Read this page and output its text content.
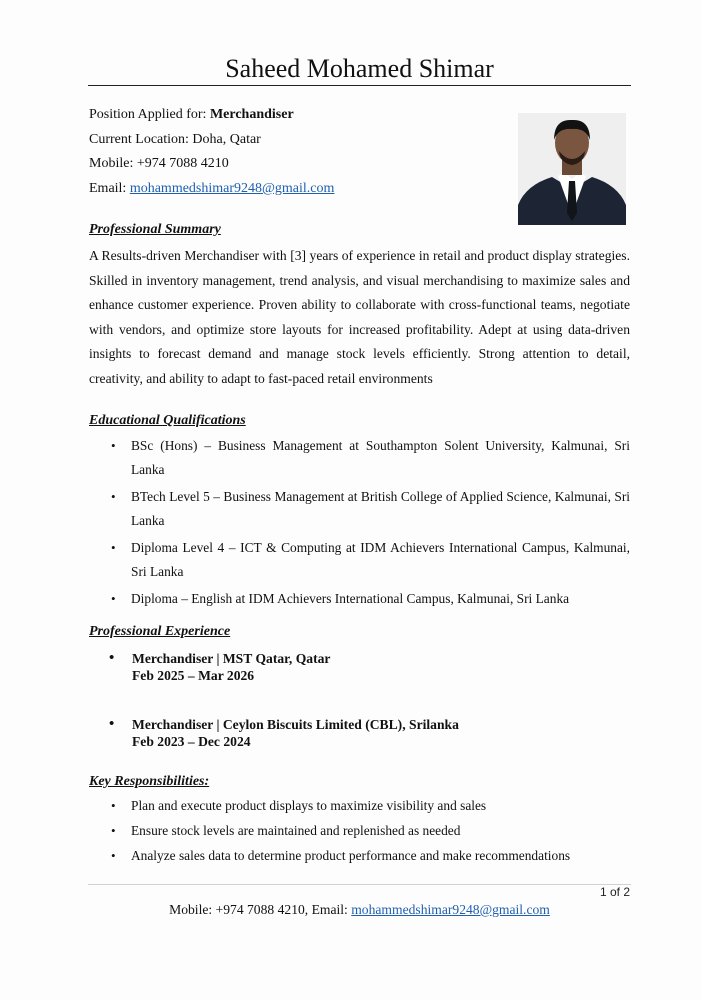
Saheed Mohamed Shimar
Position Applied for: Merchandiser
Current Location: Doha, Qatar
Mobile: +974 7088 4210
Email: mohammedshimar9248@gmail.com
Professional Summary

A Results-driven Merchandiser with [3] years of experience in retail and product display strategies. Skilled in inventory management, trend analysis, and visual merchandising to maximize sales and enhance customer experience. Proven ability to collaborate with cross-functional teams, negotiate with vendors, and optimize store layouts for increased profitability. Adept at using data-driven insights to forecast demand and manage stock levels efficiently. Strong attention to detail, creativity, and ability to adapt to fast-paced retail environments

Educational Qualifications
• BSc (Hons) – Business Management at Southampton Solent University, Kalmunai, Sri Lanka
• BTech Level 5 – Business Management at British College of Applied Science, Kalmunai, Sri Lanka
• Diploma Level 4 – ICT & Computing at IDM Achievers International Campus, Kalmunai, Sri Lanka
• Diploma – English at IDM Achievers International Campus, Kalmunai, Sri Lanka
Professional Experience
•	Merchandiser | MST Qatar, Qatar
Feb 2025 – Mar 2026
•	Merchandiser | Ceylon Biscuits Limited (CBL), Srilanka
Feb 2023 – Dec 2024
Key Responsibilities:
• Plan and execute product displays to maximize visibility and sales
• Ensure stock levels are maintained and replenished as needed
• Analyze sales data to determine product performance and make recommendations
1 of 2
Mobile: +974 7088 4210, Email: mohammedshimar9248@gmail.com
